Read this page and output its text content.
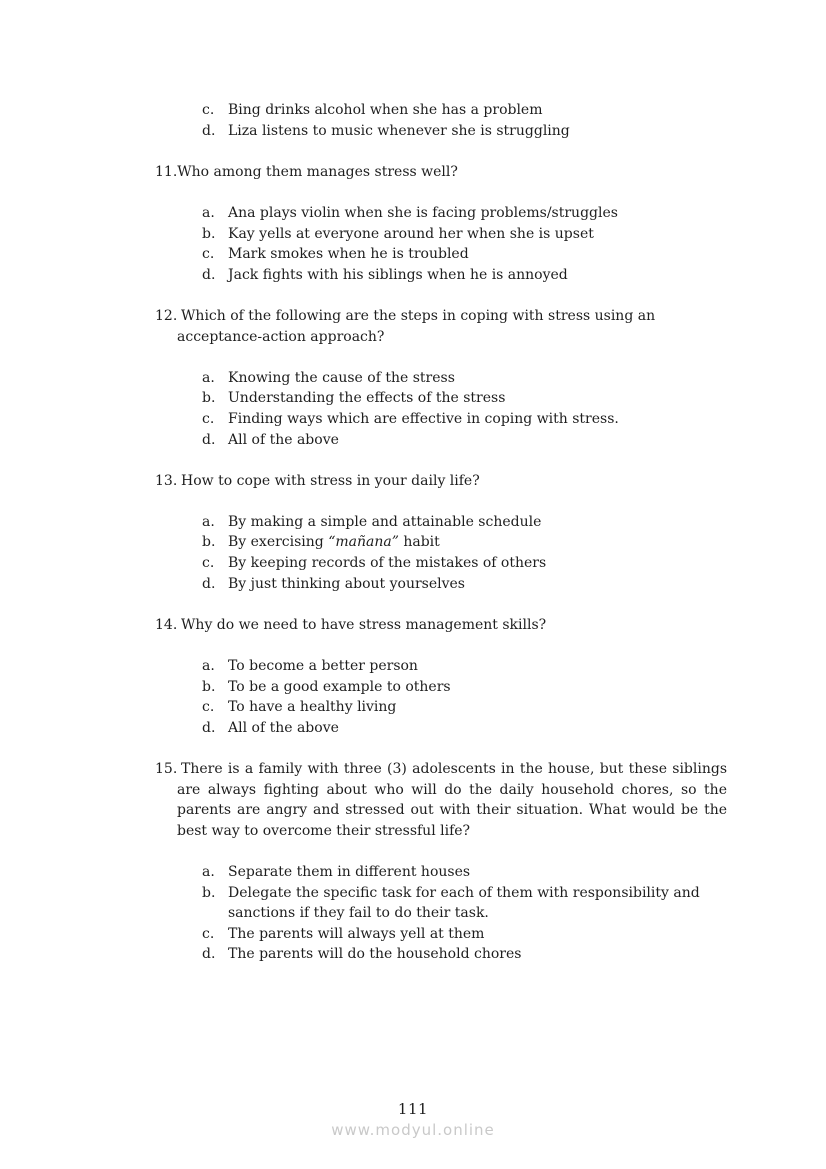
c. Bing drinks alcohol when she has a problem
d. Liza listens to music whenever she is struggling

11.Who among them manages stress well?

a. Ana plays violin when she is facing problems/struggles
b. Kay yells at everyone around her when she is upset
c. Mark smokes when he is troubled
d. Jack fights with his siblings when he is annoyed

12. Which of the following are the steps in coping with stress using an acceptance-action approach?

a. Knowing the cause of the stress
b. Understanding the effects of the stress
c. Finding ways which are effective in coping with stress.
d. All of the above

13. How to cope with stress in your daily life?

a. By making a simple and attainable schedule
b. By exercising “mañana” habit
c. By keeping records of the mistakes of others
d. By just thinking about yourselves

14. Why do we need to have stress management skills?

a. To become a better person
b. To be a good example to others
c. To have a healthy living
d. All of the above

15. There is a family with three (3) adolescents in the house, but these siblings are always fighting about who will do the daily household chores, so the parents are angry and stressed out with their situation. What would be the best way to overcome their stressful life?

a. Separate them in different houses
b. Delegate the specific task for each of them with responsibility and sanctions if they fail to do their task.
c. The parents will always yell at them
d. The parents will do the household chores
111
www.modyul.online
